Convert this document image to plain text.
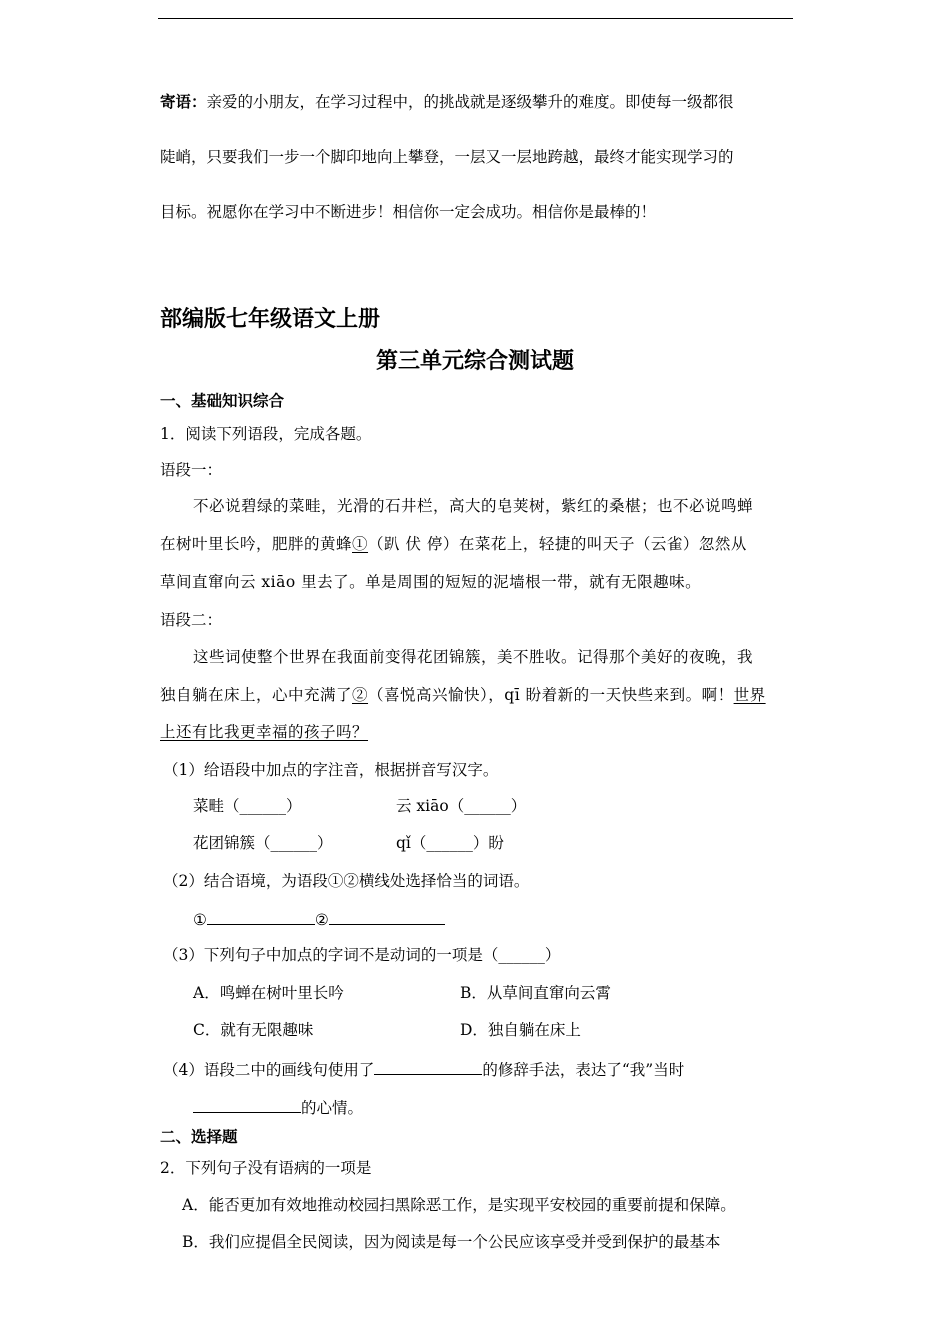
寄语：亲爱的小朋友，在学习过程中，的挑战就是逐级攀升的难度。即使每一级都很
陡峭，只要我们一步一个脚印地向上攀登，一层又一层地跨越，最终才能实现学习的
目标。祝愿你在学习中不断进步！相信你一定会成功。相信你是最棒的！
部编版七年级语文上册
第三单元综合测试题
一、基础知识综合
1．阅读下列语段，完成各题。
语段一：
不必说碧绿的菜畦，光滑的石井栏，高大的皂荚树，紫红的桑椹；也不必说鸣蝉
在树叶里长吟，肥胖的黄蜂①（趴 伏 停）在菜花上，轻捷的叫天子（云雀）忽然从
草间直窜向云 xiāo 里去了。单是周围的短短的泥墙根一带，就有无限趣味。
语段二：
这些词使整个世界在我面前变得花团锦簇，美不胜收。记得那个美好的夜晚，我
独自躺在床上，心中充满了②（喜悦高兴愉快），qī 盼着新的一天快些来到。啊！世界
上还有比我更幸福的孩子吗？
（1）给语段中加点的字注音，根据拼音写汉字。
菜畦（______）	云 xiāo（______）
花团锦簇（______）	qǐ（______）盼
（2）结合语境，为语段①②横线处选择恰当的词语。
①	②
（3）下列句子中加点的字词不是动词的一项是（______）
A．鸣蝉在树叶里长吟	B．从草间直窜向云霄
C．就有无限趣味	D．独自躺在床上
（4）语段二中的画线句使用了	的修辞手法，表达了“我”当时
的心情。
二、选择题
2．下列句子没有语病的一项是
A．能否更加有效地推动校园扫黑除恶工作，是实现平安校园的重要前提和保障。
B．我们应提倡全民阅读，因为阅读是每一个公民应该享受并受到保护的最基本
